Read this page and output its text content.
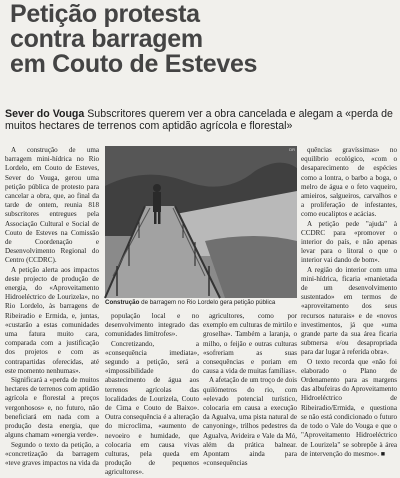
Petição protesta
contra barragem
em Couto de Esteves
Sever do Vouga Subscritores querem ver a obra cancelada e alegam a «perda de muitos hectares de terrenos com aptidão agrícola e florestal»

A construção de uma barragem mini-hídrica no Rio Lordelo, em Couto de Esteves, Sever do Vouga, gerou uma petição pública de protesto para cancelar a obra, que, ao final da tarde de ontem, reunia 818 subscritores entregues pela Associação Cultural e Social de Couto de Esteves na Comissão de Coordenação e Desenvolvimento Regional do Centro (CCDRC).

A petição alerta aos impactos deste projecto de produção de energia, do «Aproveitamento Hidroeléctrico de Lourizela», no Rio Lordelo, às barragens de Ribeiradio e Ermida, e, juntas, «custarão a estas comunidades uma fatura muito cara, comparada com a justificação dos projetos e com as contrapartidas oferecidas, até este momento nenhumas».

Significará a «perda de muitos hectares de terrenos com aptidão agrícola e florestal a preços vergonhosos» e, no futuro, não beneficiará em nada com a produção desta energia, que alguns chamam «energia verde».

Segundo o texto da petição, a «concretização da barragem «teve graves impactos na vida da

DR
Construção de barragem no Rio Lordelo gera petição pública

população local e no desenvolvimento integrado das comunidades limítrofes».

Concretizando, a «consequência imediata», segundo a petição, será a «impossibilidade do abastecimento de água aos terrenos agrícolas das localidades de Lourizela, Couto de Cima e Couto de Baixo». Outra consequência é a alteração do microclima, «aumento de nevoeiro e humidade, que colocaria em causa vivas culturas, pela queda em produção de pequenos agricultores».

agricultores, como por exemplo em culturas de mirtilo e groselha». Também a laranja, o milho, o feijão e outras culturas «sofreriam as suas consequências e poriam em causa a vida de muitas famílias».

A afetação de um troço de dois quilómetros do rio, com «elevado potencial turístico, colocaria em causa a execução da Agualva, uma pista natural de canyoning», trilhos pedestres da Agualva, Avideira e Vale da Mó, além da prática balnear. Apontam ainda para «consequências

quências gravíssimas» no equilíbrio ecológico, «com o desaparecimento de espécies como a lontra, o barbo a boga, o melro de água e o feto vaqueiro, amieiros, salgueiros, carvalhos e a proliferação de infestantes, como eucaliptos e acácias.

A petição pede "ajuda" à CCDRC para «promover o interior do país, e não apenas levar para o litoral o que o interior vai dando de bom».

A região do interior com uma mini-hídrica, ficaria «manietada de um desenvolvimento sustentado» em termos de «aproveitamento dos seus recursos naturais» e de «novos investimentos, já que «uma grande parte da sua área ficaria submersa e/ou desapropriada para dar lugar à referida obra».

O texto recorda que «não foi elaborado o Plano de Ordenamento para as margens das albufeiras do Aproveitamento Hidroeléctrico de Ribeiradio/Ermida, e questiona se não está condicionado o futuro de todo o Vale do Vouga e que o "Aproveitamento Hidroeléctrico de Lourizela" se sobrepõe à área de intervenção do mesmo». ■
